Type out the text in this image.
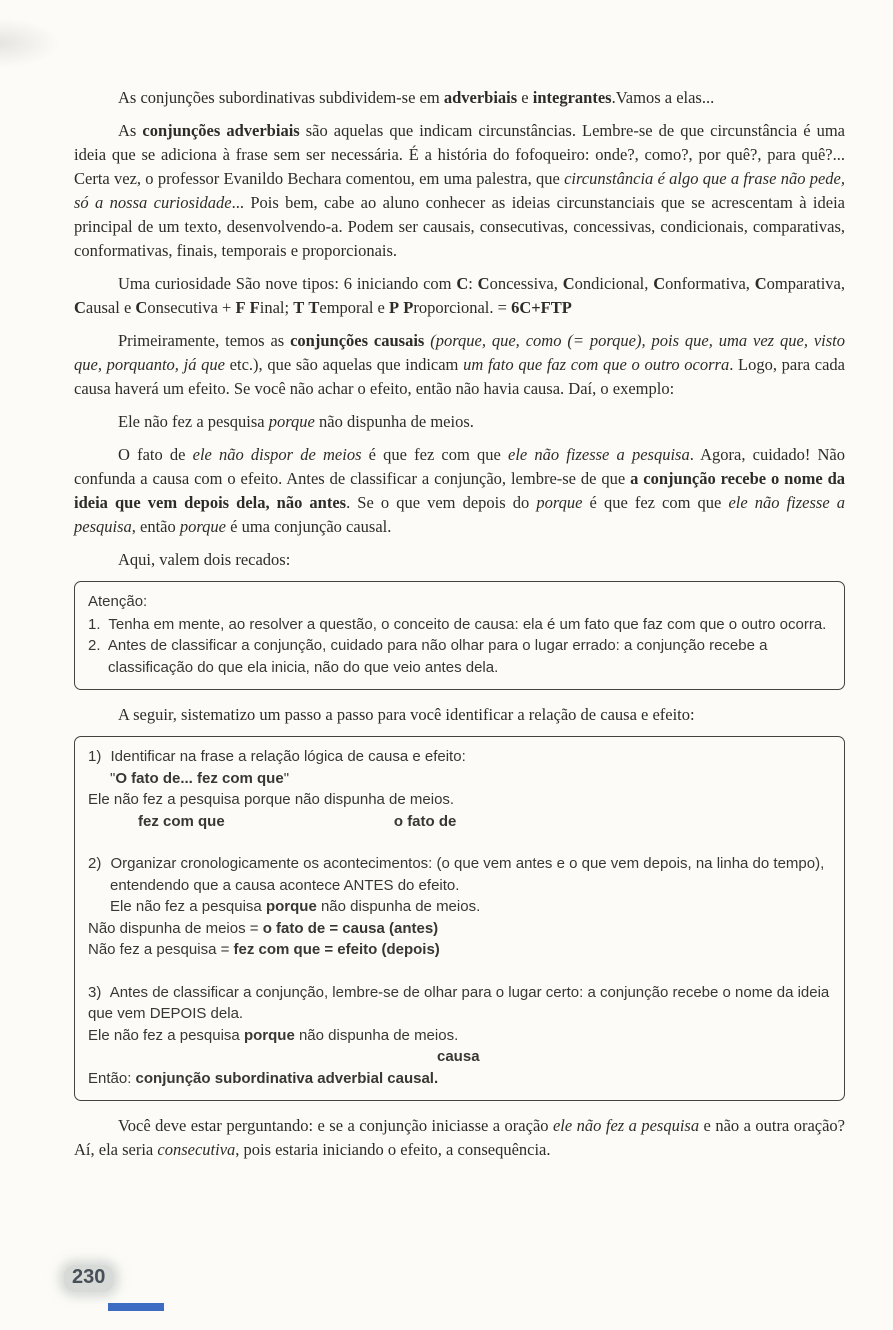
As conjunções subordinativas subdividem-se em adverbiais e integrantes.Vamos a elas...

As conjunções adverbiais são aquelas que indicam circunstâncias. Lembre-se de que circunstância é uma ideia que se adiciona à frase sem ser necessária. É a história do fofoqueiro: onde?, como?, por quê?, para quê?... Certa vez, o professor Evanildo Bechara comentou, em uma palestra, que circunstância é algo que a frase não pede, só a nossa curiosidade... Pois bem, cabe ao aluno conhecer as ideias circunstanciais que se acrescentam à ideia principal de um texto, desenvolvendo-a. Podem ser causais, consecutivas, concessivas, condicionais, comparativas, conformativas, finais, temporais e proporcionais.

Uma curiosidade São nove tipos: 6 iniciando com C: Concessiva, Condicional, Conformativa, Comparativa, Causal e Consecutiva + F Final; T Temporal e P Proporcional. = 6C+FTP

Primeiramente, temos as conjunções causais (porque, que, como (= porque), pois que, uma vez que, visto que, porquanto, já que etc.), que são aquelas que indicam um fato que faz com que o outro ocorra. Logo, para cada causa haverá um efeito. Se você não achar o efeito, então não havia causa. Daí, o exemplo:

Ele não fez a pesquisa porque não dispunha de meios.

O fato de ele não dispor de meios é que fez com que ele não fizesse a pesquisa. Agora, cuidado! Não confunda a causa com o efeito. Antes de classificar a conjunção, lembre-se de que a conjunção recebe o nome da ideia que vem depois dela, não antes. Se o que vem depois do porque é que fez com que ele não fizesse a pesquisa, então porque é uma conjunção causal.

Aqui, valem dois recados:

Atenção:
1. Tenha em mente, ao resolver a questão, o conceito de causa: ela é um fato que faz com que o outro ocorra.
2. Antes de classificar a conjunção, cuidado para não olhar para o lugar errado: a conjunção recebe a classificação do que ela inicia, não do que veio antes dela.

A seguir, sistematizo um passo a passo para você identificar a relação de causa e efeito:

1) Identificar na frase a relação lógica de causa e efeito:
"O fato de... fez com que"
Ele não fez a pesquisa porque não dispunha de meios.
fez com que	o fato de
2) Organizar cronologicamente os acontecimentos: (o que vem antes e o que vem depois, na linha do tempo), entendendo que a causa acontece ANTES do efeito.
Ele não fez a pesquisa porque não dispunha de meios.
Não dispunha de meios = o fato de = causa (antes)
Não fez a pesquisa = fez com que = efeito (depois)
3) Antes de classificar a conjunção, lembre-se de olhar para o lugar certo: a conjunção recebe o nome da ideia que vem DEPOIS dela.
Ele não fez a pesquisa porque não dispunha de meios.
causa
Então: conjunção subordinativa adverbial causal.

Você deve estar perguntando: e se a conjunção iniciasse a oração ele não fez a pesquisa e não a outra oração? Aí, ela seria consecutiva, pois estaria iniciando o efeito, a consequência.

230
